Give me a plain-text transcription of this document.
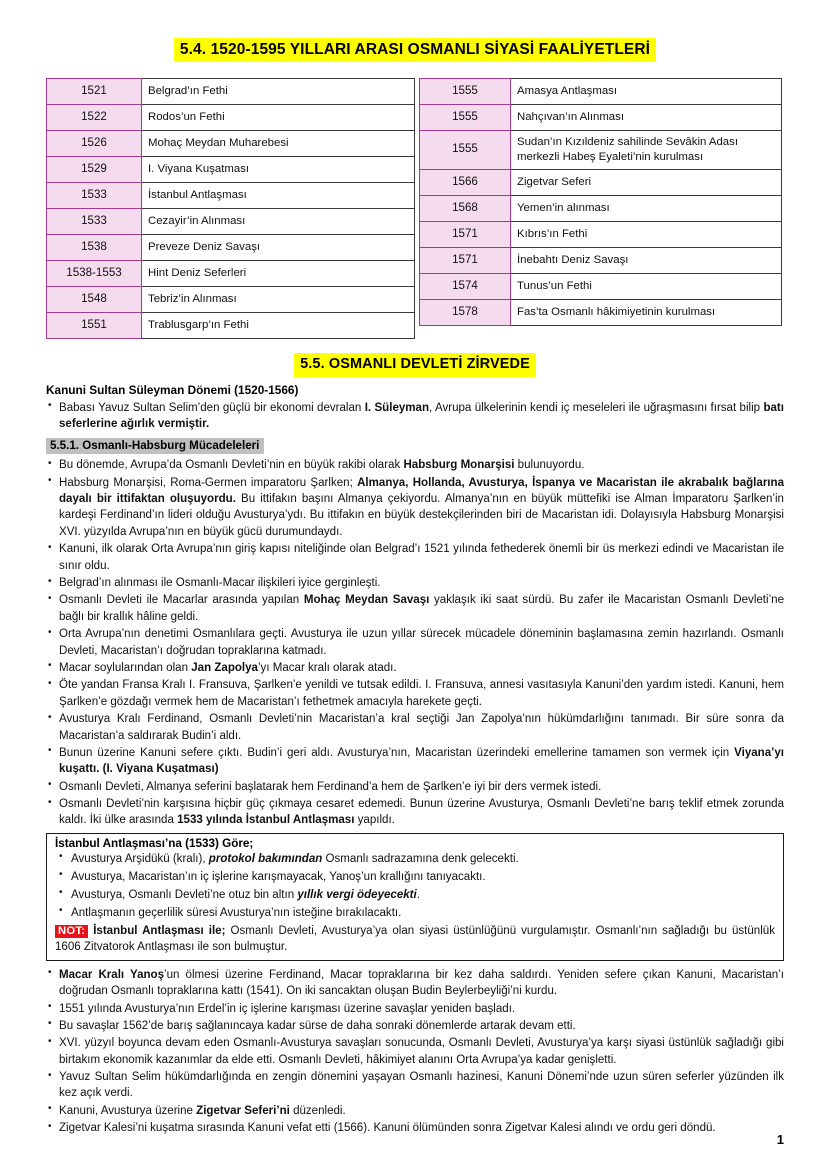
5.4. 1520-1595 YILLARI ARASI OSMANLI SİYASİ FAALİYETLERİ
1521	Belgrad’ın Fethi
1522	Rodos’un Fethi
1526	Mohaç Meydan Muharebesi
1529	I. Viyana Kuşatması
1533	İstanbul Antlaşması
1533	Cezayir’in Alınması
1538	Preveze Deniz Savaşı
1538-1553	Hint Deniz Seferleri
1548	Tebriz’in Alınması
1551	Trablusgarp’ın Fethi
1555	Amasya Antlaşması
1555	Nahçıvan’ın Alınması
1555	Sudan’ın Kızıldeniz sahilinde Sevâkin Adası merkezli Habeş Eyaleti’nin kurulması
1566	Zigetvar Seferi
1568	Yemen’in alınması
1571	Kıbrıs’ın Fethi
1571	İnebahtı Deniz Savaşı
1574	Tunus’un Fethi
1578	Fas’ta Osmanlı hâkimiyetinin kurulması
5.5. OSMANLI DEVLETİ ZİRVEDE
Kanuni Sultan Süleyman Dönemi (1520-1566)
• Babası Yavuz Sultan Selim’den güçlü bir ekonomi devralan I. Süleyman, Avrupa ülkelerinin kendi iç meseleleri ile uğraşmasını fırsat bilip batı seferlerine ağırlık vermiştir.
5.5.1. Osmanlı-Habsburg Mücadeleleri
• Bu dönemde, Avrupa’da Osmanlı Devleti’nin en büyük rakibi olarak Habsburg Monarşisi bulunuyordu.
• Habsburg Monarşisi, Roma-Germen imparatoru Şarlken; Almanya, Hollanda, Avusturya, İspanya ve Macaristan ile akrabalık bağlarına dayalı bir ittifaktan oluşuyordu. Bu ittifakın başını Almanya çekiyordu. Almanya’nın en büyük müttefiki ise Alman İmparatoru Şarlken’in kardeşi Ferdinand’ın lideri olduğu Avusturya’ydı. Bu ittifakın en büyük destekçilerinden biri de Macaristan idi. Dolayısıyla Habsburg Monarşisi XVI. yüzyılda Avrupa’nın en büyük gücü durumundaydı.
• Kanuni, ilk olarak Orta Avrupa’nın giriş kapısı niteliğinde olan Belgrad’ı 1521 yılında fethederek önemli bir üs merkezi edindi ve Macaristan ile sınır oldu.
• Belgrad’ın alınması ile Osmanlı-Macar ilişkileri iyice gerginleşti.
• Osmanlı Devleti ile Macarlar arasında yapılan Mohaç Meydan Savaşı yaklaşık iki saat sürdü. Bu zafer ile Macaristan Osmanlı Devleti’ne bağlı bir krallık hâline geldi.
• Orta Avrupa’nın denetimi Osmanlılara geçti. Avusturya ile uzun yıllar sürecek mücadele döneminin başlamasına zemin hazırlandı. Osmanlı Devleti, Macaristan’ı doğrudan topraklarına katmadı.
• Macar soylularından olan Jan Zapolya’yı Macar kralı olarak atadı.
• Öte yandan Fransa Kralı I. Fransuva, Şarlken’e yenildi ve tutsak edildi. I. Fransuva, annesi vasıtasıyla Kanuni’den yardım istedi. Kanuni, hem Şarlken’e gözdağı vermek hem de Macaristan’ı fethetmek amacıyla harekete geçti.
• Avusturya Kralı Ferdinand, Osmanlı Devleti’nin Macaristan’a kral seçtiği Jan Zapolya’nın hükümdarlığını tanımadı. Bir süre sonra da Macaristan’a saldırarak Budin’i aldı.
• Bunun üzerine Kanuni sefere çıktı. Budin’i geri aldı. Avusturya’nın, Macaristan üzerindeki emellerine tamamen son vermek için Viyana’yı kuşattı. (I. Viyana Kuşatması)
• Osmanlı Devleti, Almanya seferini başlatarak hem Ferdinand’a hem de Şarlken’e iyi bir ders vermek istedi.
• Osmanlı Devleti’nin karşısına hiçbir güç çıkmaya cesaret edemedi. Bunun üzerine Avusturya, Osmanlı Devleti’ne barış teklif etmek zorunda kaldı. İki ülke arasında 1533 yılında İstanbul Antlaşması yapıldı.
İstanbul Antlaşması’na (1533) Göre;
• Avusturya Arşidükü (kralı), protokol bakımından Osmanlı sadrazamına denk gelecekti.
• Avusturya, Macaristan’ın iç işlerine karışmayacak, Yanoş’un krallığını tanıyacaktı.
• Avusturya, Osmanlı Devleti’ne otuz bin altın yıllık vergi ödeyecekti.
• Antlaşmanın geçerlilik süresi Avusturya’nın isteğine bırakılacaktı.

NOT: İstanbul Antlaşması ile; Osmanlı Devleti, Avusturya’ya olan siyasi üstünlüğünü vurgulamıştır. Osmanlı’nın sağladığı bu üstünlük 1606 Zitvatorok Antlaşması ile son bulmuştur.

• Macar Kralı Yanoş’un ölmesi üzerine Ferdinand, Macar topraklarına bir kez daha saldırdı. Yeniden sefere çıkan Kanuni, Macaristan’ı doğrudan Osmanlı topraklarına kattı (1541). On iki sancaktan oluşan Budin Beylerbeyliği’ni kurdu.
• 1551 yılında Avusturya’nın Erdel’in iç işlerine karışması üzerine savaşlar yeniden başladı.
• Bu savaşlar 1562’de barış sağlanıncaya kadar sürse de daha sonraki dönemlerde artarak devam etti.
• XVI. yüzyıl boyunca devam eden Osmanlı-Avusturya savaşları sonucunda, Osmanlı Devleti, Avusturya’ya karşı siyasi üstünlük sağladığı gibi birtakım ekonomik kazanımlar da elde etti. Osmanlı Devleti, hâkimiyet alanını Orta Avrupa’ya kadar genişletti.
• Yavuz Sultan Selim hükümdarlığında en zengin dönemini yaşayan Osmanlı hazinesi, Kanuni Dönemi’nde uzun süren seferler yüzünden ilk kez açık verdi.
• Kanuni, Avusturya üzerine Zigetvar Seferi’ni düzenledi.
• Zigetvar Kalesi’ni kuşatma sırasında Kanuni vefat etti (1566). Kanuni ölümünden sonra Zigetvar Kalesi alındı ve ordu geri döndü.
1
